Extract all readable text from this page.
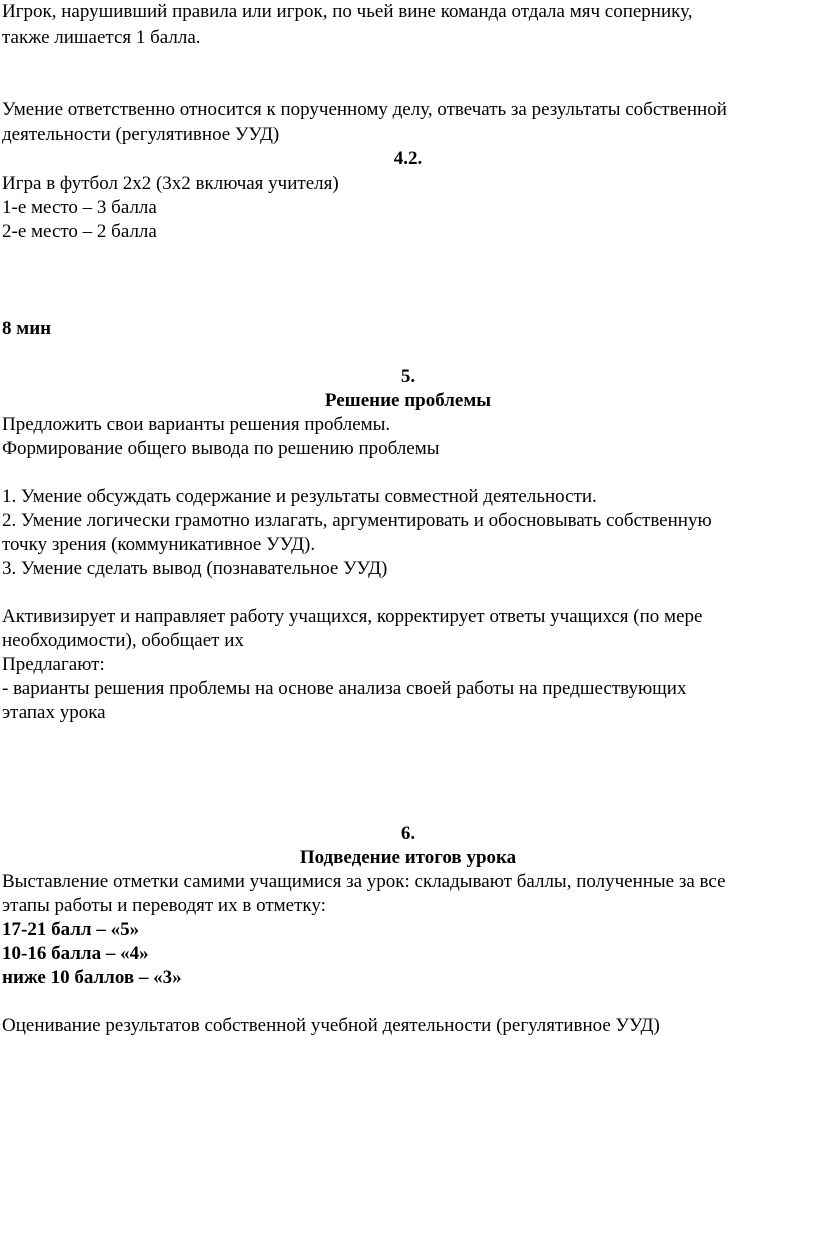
Игрок, нарушивший правила или игрок, по чьей вине команда отдала мяч сопернику,
также лишается 1 балла.
Умение ответственно относится к порученному делу, отвечать за результаты собственной
деятельности (регулятивное УУД)
4.2.
Игра в футбол 2х2 (3х2 включая учителя)
1-е место – 3 балла
2-е место – 2 балла
8 мин
5.
Решение проблемы
Предложить свои варианты решения проблемы.
Формирование общего вывода по решению проблемы
1. Умение обсуждать содержание и результаты совместной деятельности.
2. Умение логически грамотно излагать, аргументировать и обосновывать собственную
точку зрения (коммуникативное УУД).
3. Умение сделать вывод (познавательное УУД)
Активизирует и направляет работу учащихся, корректирует ответы учащихся (по мере
необходимости), обобщает их
Предлагают:
- варианты решения проблемы на основе анализа своей работы на предшествующих
этапах урока
6.
Подведение итогов урока
Выставление отметки самими учащимися за урок: складывают баллы, полученные за все
этапы работы и переводят их в отметку:
17-21 балл – «5»
10-16 балла – «4»
ниже 10 баллов – «3»
Оценивание результатов собственной учебной деятельности (регулятивное УУД)
